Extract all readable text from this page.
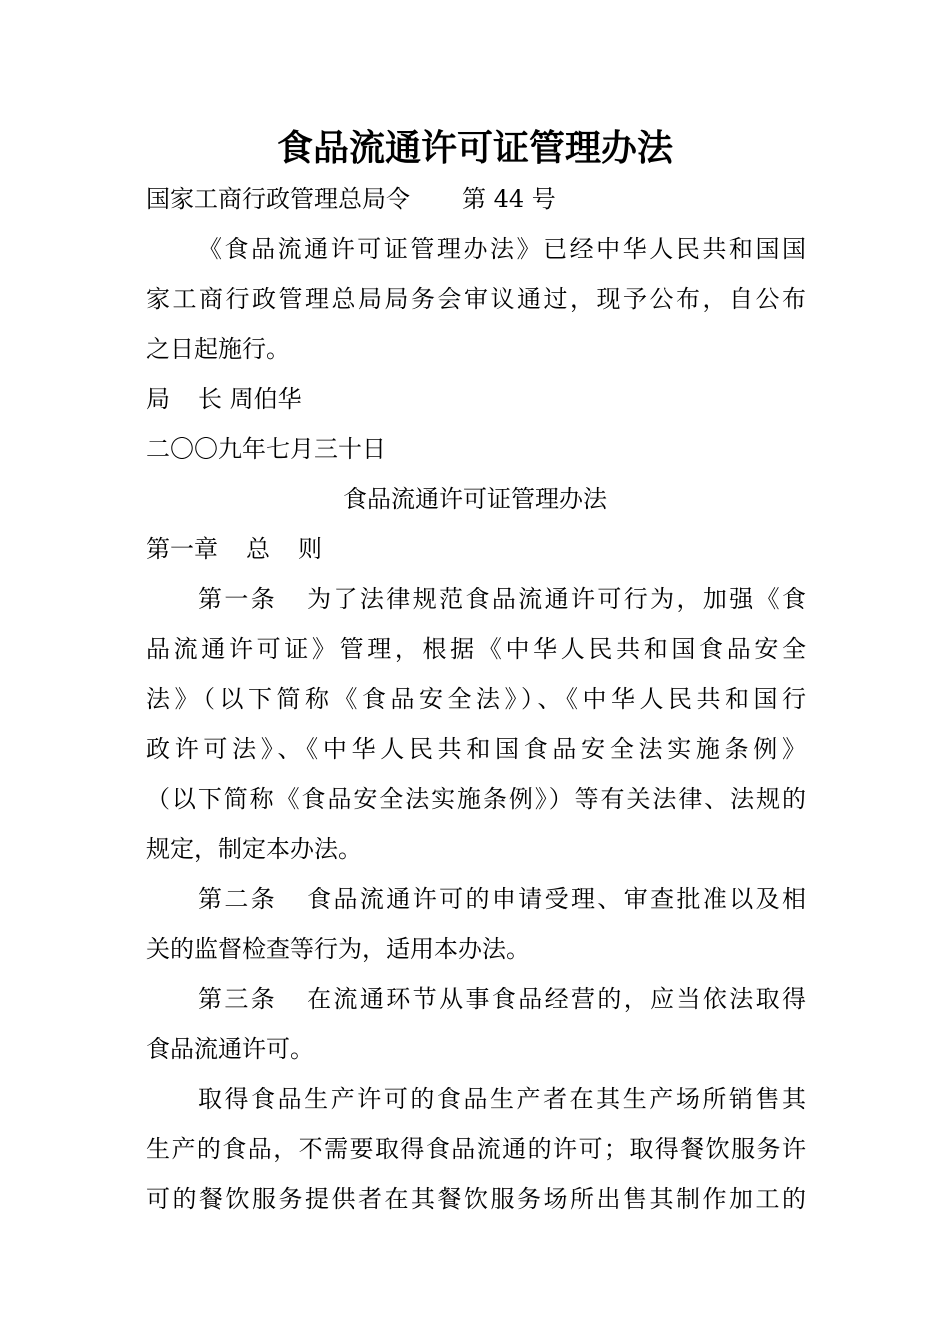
食品流通许可证管理办法
国家工商行政管理总局令 第 44 号
《食品流通许可证管理办法》已经中华人民共和国国
家工商行政管理总局局务会审议通过，现予公布，自公布
之日起施行。
局 长 周伯华
二〇〇九年七月三十日
食品流通许可证管理办法
第一章 总 则
第一条 为了法律规范食品流通许可行为，加强《食
品流通许可证》管理，根据《中华人民共和国食品安全
法》（以下简称《食品安全法》）、《中华人民共和国行
政许可法》、《中华人民共和国食品安全法实施条例》
（以下简称《食品安全法实施条例》）等有关法律、法规的
规定，制定本办法。
第二条 食品流通许可的申请受理、审查批准以及相
关的监督检查等行为，适用本办法。
第三条 在流通环节从事食品经营的，应当依法取得
食品流通许可。
取得食品生产许可的食品生产者在其生产场所销售其
生产的食品，不需要取得食品流通的许可；取得餐饮服务许
可的餐饮服务提供者在其餐饮服务场所出售其制作加工的
